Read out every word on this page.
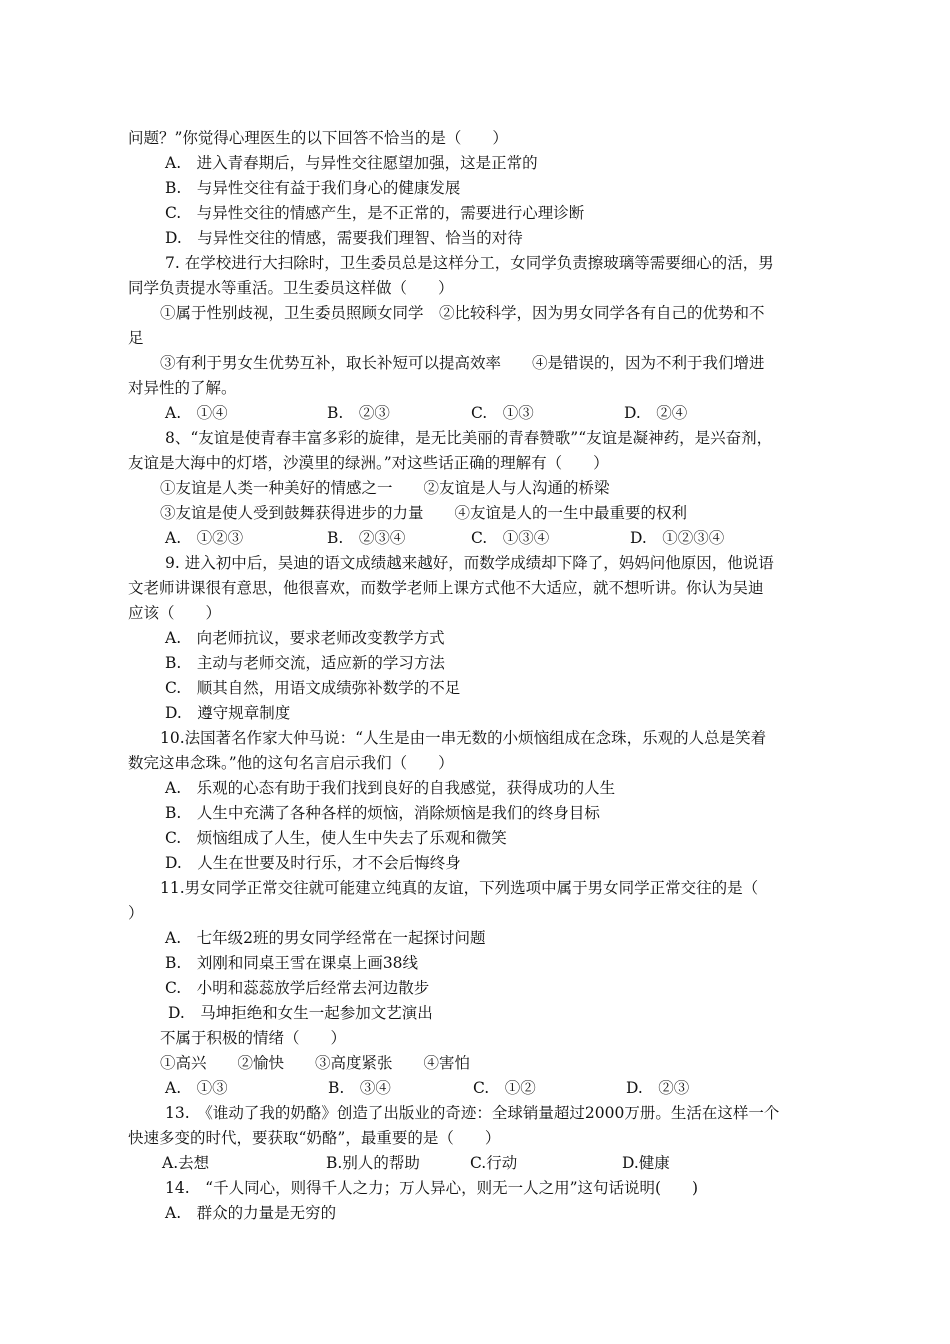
问题？”你觉得心理医生的以下回答不恰当的是（　　）
A.　进入青春期后，与异性交往愿望加强，这是正常的
B.　与异性交往有益于我们身心的健康发展
C.　与异性交往的情感产生，是不正常的，需要进行心理诊断
D.　与异性交往的情感，需要我们理智、恰当的对待
7. 在学校进行大扫除时，卫生委员总是这样分工，女同学负责擦玻璃等需要细心的活，男
同学负责提水等重活。卫生委员这样做（　　）
①属于性别歧视，卫生委员照顾女同学　②比较科学，因为男女同学各有自己的优势和不
足
③有利于男女生优势互补，取长补短可以提高效率　　④是错误的，因为不利于我们增进
对异性的了解。
A.　①④	B.　②③	C.　①③	D.　②④
8、“友谊是使青春丰富多彩的旋律，是无比美丽的青春赞歌”“友谊是凝神药，是兴奋剂，
友谊是大海中的灯塔，沙漠里的绿洲。”对这些话正确的理解有（　　）
①友谊是人类一种美好的情感之一　　②友谊是人与人沟通的桥梁
③友谊是使人受到鼓舞获得进步的力量　　④友谊是人的一生中最重要的权利
A.　①②③	B.　②③④	C.　①③④	D.　①②③④
9. 进入初中后，吴迪的语文成绩越来越好，而数学成绩却下降了，妈妈问他原因，他说语
文老师讲课很有意思，他很喜欢，而数学老师上课方式他不大适应，就不想听讲。你认为吴迪
应该（　　）
A.　向老师抗议，要求老师改变教学方式
B.　主动与老师交流，适应新的学习方法
C.　顺其自然，用语文成绩弥补数学的不足
D.　遵守规章制度
10.法国著名作家大仲马说：“人生是由一串无数的小烦恼组成在念珠，乐观的人总是笑着
数完这串念珠。”他的这句名言启示我们（　　）
A.　乐观的心态有助于我们找到良好的自我感觉，获得成功的人生
B.　人生中充满了各种各样的烦恼，消除烦恼是我们的终身目标
C.　烦恼组成了人生，使人生中失去了乐观和微笑
D.　人生在世要及时行乐，才不会后悔终身
11.男女同学正常交往就可能建立纯真的友谊，下列选项中属于男女同学正常交往的是（
）
A.　七年级2班的男女同学经常在一起探讨问题
B.　刘刚和同桌王雪在课桌上画38线
C.　小明和蕊蕊放学后经常去河边散步
D.　马坤拒绝和女生一起参加文艺演出
不属于积极的情绪（　　）
①高兴　　②愉快　　③高度紧张　　④害怕
A.　①③	B.　③④	C.　①②	D.　②③
13.　《谁动了我的奶酪》创造了出版业的奇迹：全球销量超过2000万册。生活在这样一个
快速多变的时代，要获取“奶酪”，最重要的是（　　）
A.去想	B.别人的帮助	C.行动	D.健康
14.　“千人同心，则得千人之力；万人异心，则无一人之用”这句话说明(　　)
A.　群众的力量是无穷的
